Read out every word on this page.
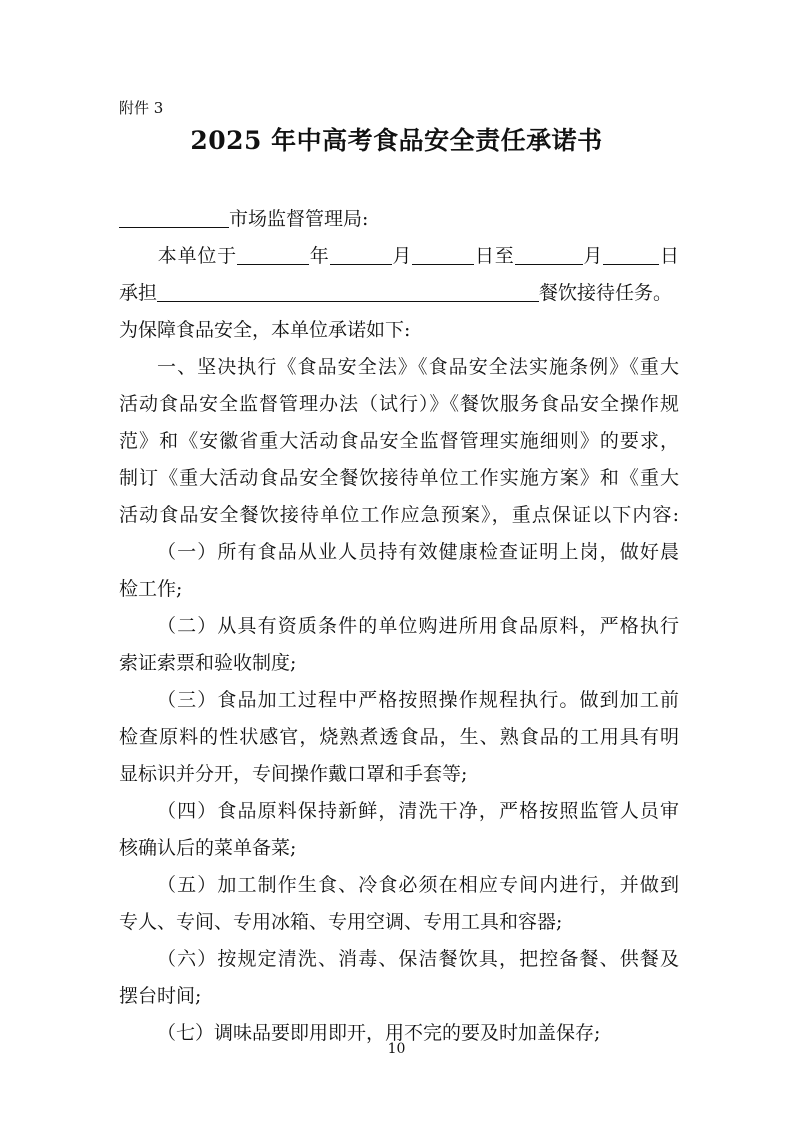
附件 3
2025 年中高考食品安全责任承诺书
市场监督管理局:
本单位于	年	月	日至	月	日
承担	餐饮接待任务。
为保障食品安全，本单位承诺如下:
一、坚决执行《食品安全法》《食品安全法实施条例》《重大
活动食品安全监督管理办法（试行）》《餐饮服务食品安全操作规
范》和《安徽省重大活动食品安全监督管理实施细则》的要求，
制订《重大活动食品安全餐饮接待单位工作实施方案》和《重大
活动食品安全餐饮接待单位工作应急预案》，重点保证以下内容:
（一）所有食品从业人员持有效健康检查证明上岗，做好晨
检工作;
（二）从具有资质条件的单位购进所用食品原料，严格执行
索证索票和验收制度;
（三）食品加工过程中严格按照操作规程执行。做到加工前
检查原料的性状感官，烧熟煮透食品，生、熟食品的工用具有明
显标识并分开，专间操作戴口罩和手套等;
（四）食品原料保持新鲜，清洗干净，严格按照监管人员审
核确认后的菜单备菜;
（五）加工制作生食、冷食必须在相应专间内进行，并做到
专人、专间、专用冰箱、专用空调、专用工具和容器;
（六）按规定清洗、消毒、保洁餐饮具，把控备餐、供餐及
摆台时间;
（七）调味品要即用即开，用不完的要及时加盖保存;
10
